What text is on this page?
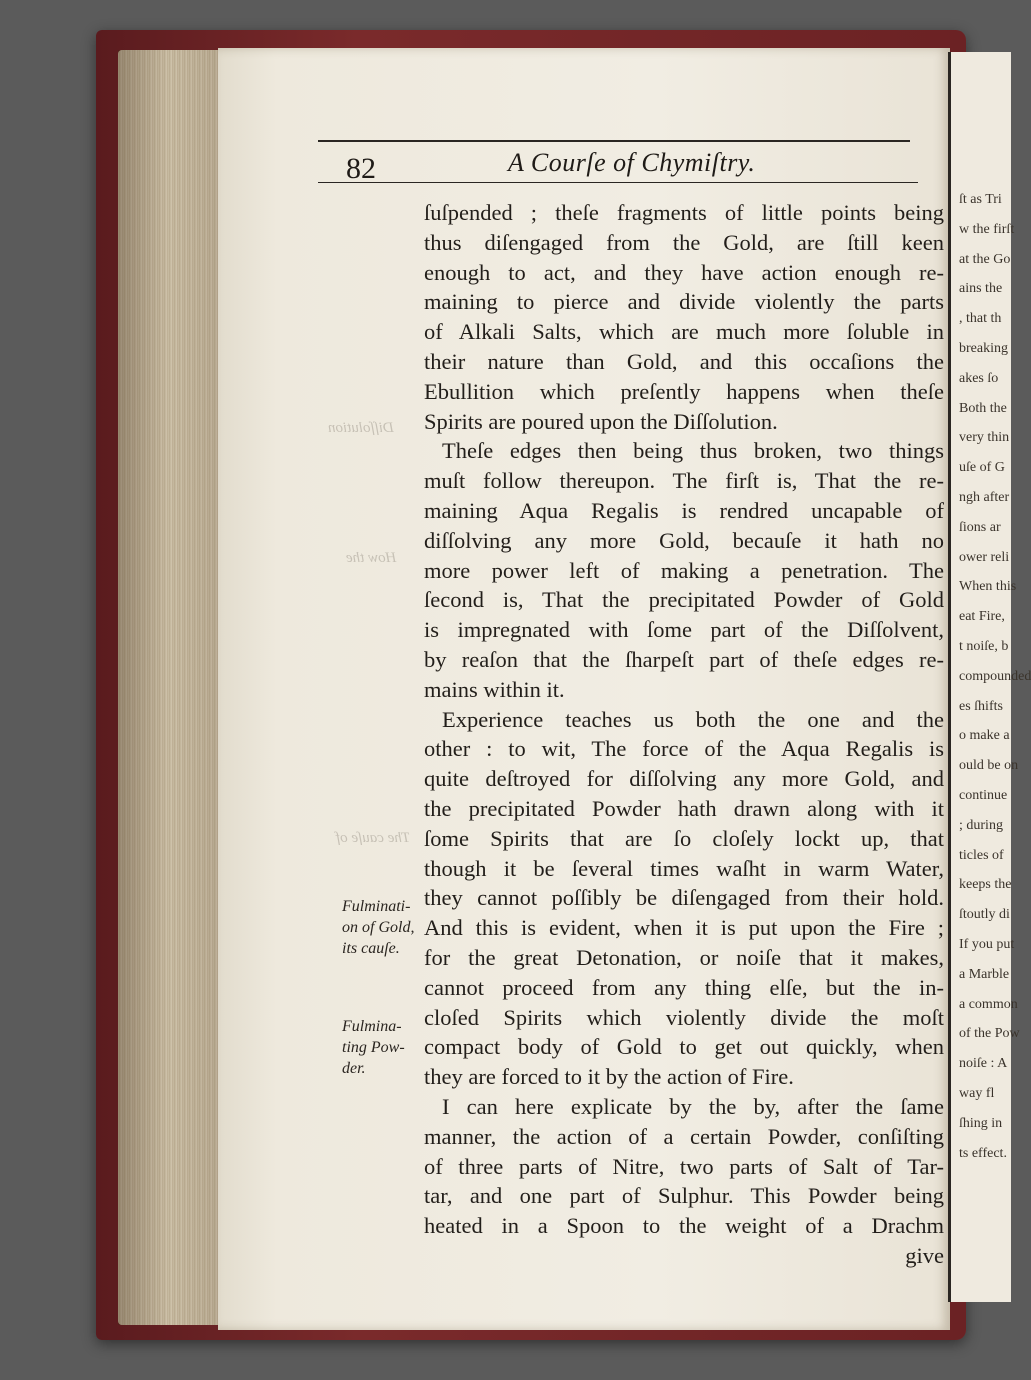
82	A Courſe of Chymiſtry.
Diſſolution
How the
The cauſe of
ſuſpended ; theſe fragments of little points being
thus diſengaged from the Gold, are ſtill keen
enough to act, and they have action enough re-
maining to pierce and divide violently the parts
of Alkali Salts, which are much more ſoluble in
their nature than Gold, and this occaſions the
Ebullition which preſently happens when theſe
Spirits are poured upon the Diſſolution.
Theſe edges then being thus broken, two things
muſt follow thereupon. The firſt is, That the re-
maining Aqua Regalis is rendred uncapable of
diſſolving any more Gold, becauſe it hath no
more power left of making a penetration. The
ſecond is, That the precipitated Powder of Gold
is impregnated with ſome part of the Diſſolvent,
by reaſon that the ſharpeſt part of theſe edges re-
mains within it.
Experience teaches us both the one and the
other : to wit, The force of the Aqua Regalis is
quite deſtroyed for diſſolving any more Gold, and
the precipitated Powder hath drawn along with it
ſome Spirits that are ſo cloſely lockt up, that
though it be ſeveral times waſht in warm Water,
they cannot poſſibly be diſengaged from their hold.
And this is evident, when it is put upon the Fire ;
for the great Detonation, or noiſe that it makes,
cannot proceed from any thing elſe, but the in-
cloſed Spirits which violently divide the moſt
compact body of Gold to get out quickly, when
they are forced to it by the action of Fire.
I can here explicate by the by, after the ſame
manner, the action of a certain Powder, conſiſting
of three parts of Nitre, two parts of Salt of Tar-
tar, and one part of Sulphur. This Powder being
heated in a Spoon to the weight of a Drachm
give
Fulminati-
on of Gold,
its cauſe.
Fulmina-
ting Pow-
der.
ſt as Tri
w the firſt
at the Go
ains the
, that th
breaking
akes ſo
Both the
very thin
uſe of G
ngh after
ſions ar
ower reli
When this
eat Fire,
t noiſe, b
compounded
es ſhifts
o make a
ould be on
continue
; during
ticles of
keeps the
ſtoutly di
If you put
a Marble
a common
of the Pow
noiſe : A
way fl
ſhing in
ts effect.
